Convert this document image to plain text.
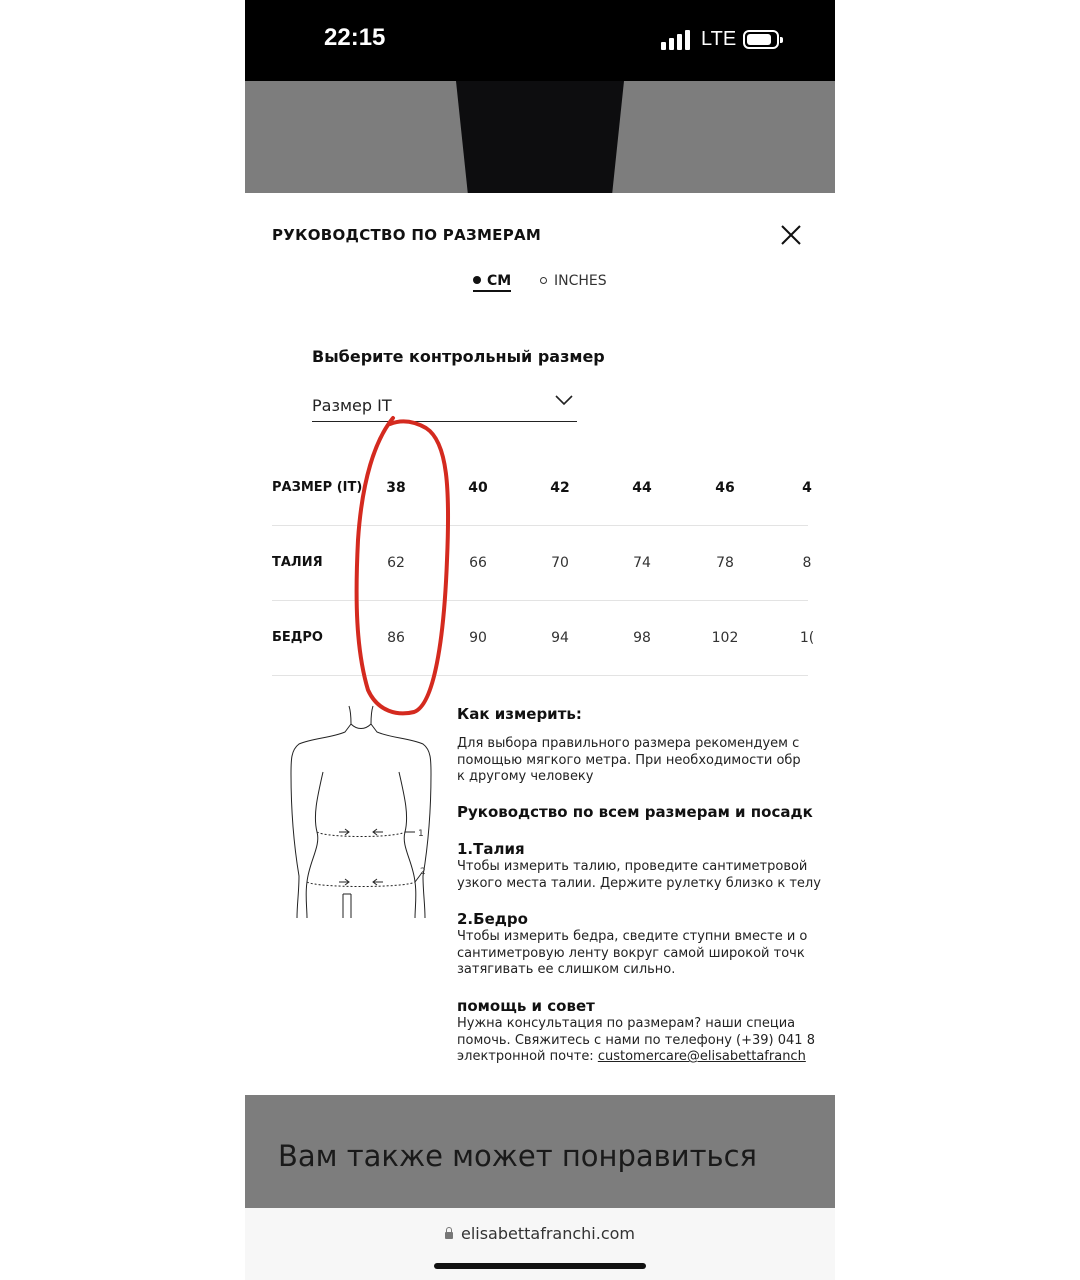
22:15	LTE
РУКОВОДСТВО ПО РАЗМЕРАМ
CM	INCHES
Выберите контрольный размер
Размер IT
РАЗМЕР (IT)	38	40	42	44	46	4
ТАЛИЯ	62	66	70	74	78	8
БЕДРО	86	90	94	98	102	1(
1
2
Как измерить:
Для выбора правильного размера рекомендуем с
помощью мягкого метра. При необходимости обр
к другому человеку
Руководство по всем размерам и посадк
1.Талия
Чтобы измерить талию, проведите сантиметровой
узкого места талии. Держите рулетку близко к телу
2.Бедро
Чтобы измерить бедра, сведите ступни вместе и о
сантиметровую ленту вокруг самой широкой точк
затягивать ее слишком сильно.
помощь и совет
Нужна консультация по размерам? наши специа
помочь. Свяжитесь с нами по телефону (+39) 041 8
электронной почте: customercare@elisabettafranch
Вам также может понравиться
elisabettafranchi.com
